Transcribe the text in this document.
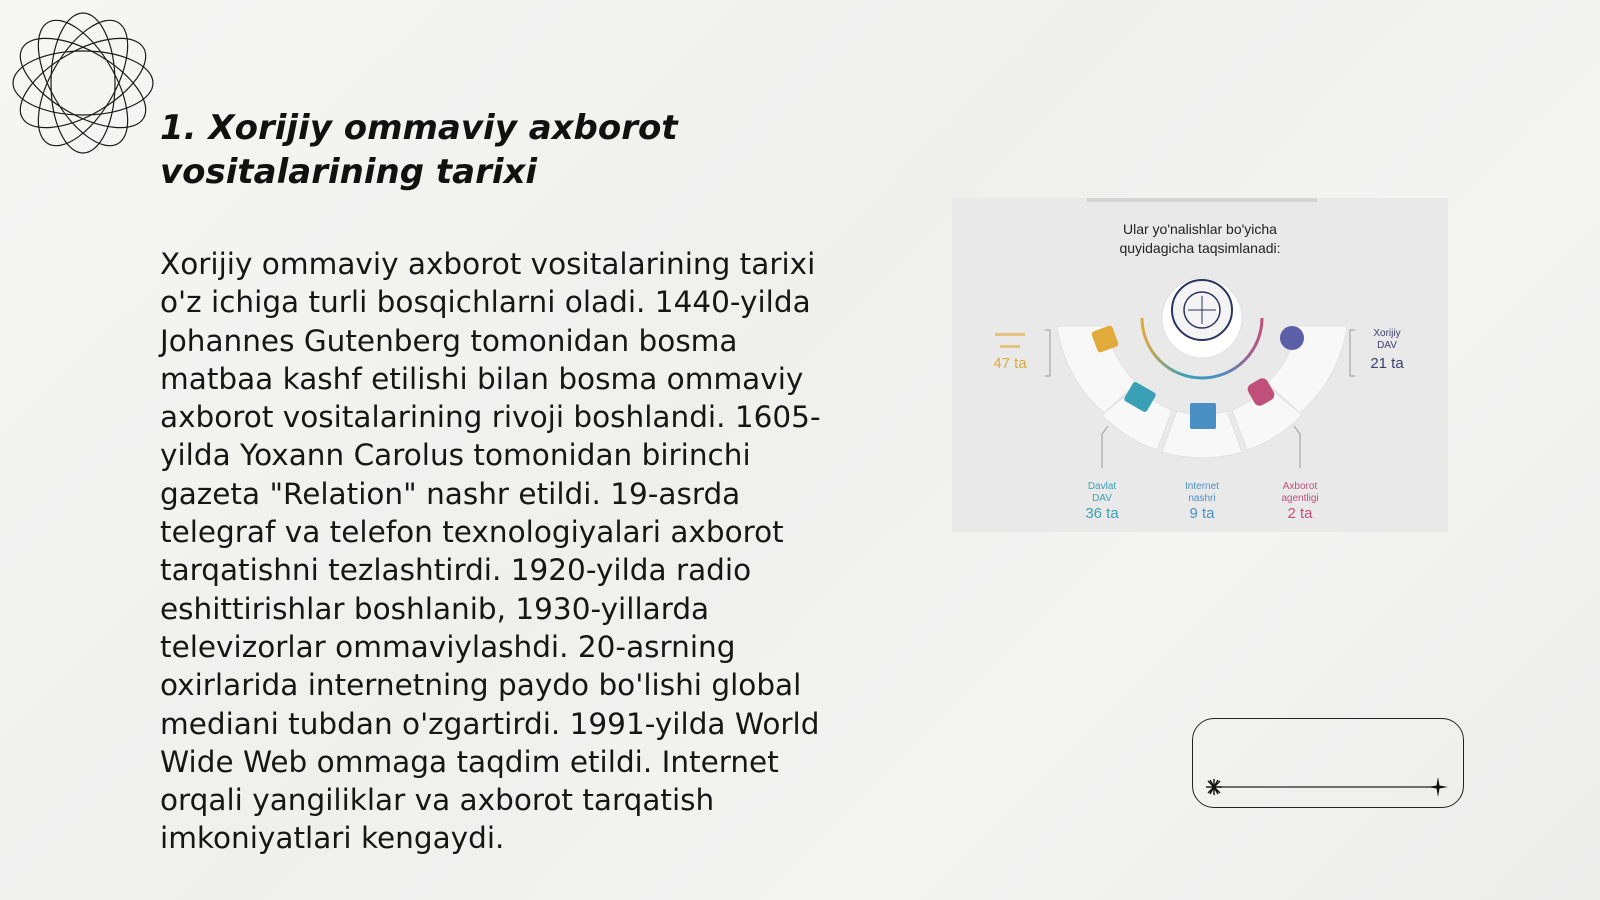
1. Xorijiy ommaviy axborot
vositalarining tarixi
Xorijiy ommaviy axborot vositalarining tarixi
o'z ichiga turli bosqichlarni oladi. 1440-yilda
Johannes Gutenberg tomonidan bosma
matbaa kashf etilishi bilan bosma ommaviy
axborot vositalarining rivoji boshlandi. 1605-
yilda Yoxann Carolus tomonidan birinchi
gazeta "Relation" nashr etildi. 19-asrda
telegraf va telefon texnologiyalari axborot
tarqatishni tezlashtirdi. 1920-yilda radio
eshittirishlar boshlanib, 1930-yillarda
televizorlar ommaviylashdi. 20-asrning
oxirlarida internetning paydo bo'lishi global
mediani tubdan o'zgartirdi. 1991-yilda World
Wide Web ommaga taqdim etildi. Internet
orqali yangiliklar va axborot tarqatish
imkoniyatlari kengaydi.
Ular yo'nalishlar bo'yicha
quyidagicha taqsimlanadi:
47 ta
▬▬▬
▬▬
Xorijiy
DAV
21 ta
Davlat
DAV
36 ta
Internet
nashri
9 ta
Axborot
agentligi
2 ta
